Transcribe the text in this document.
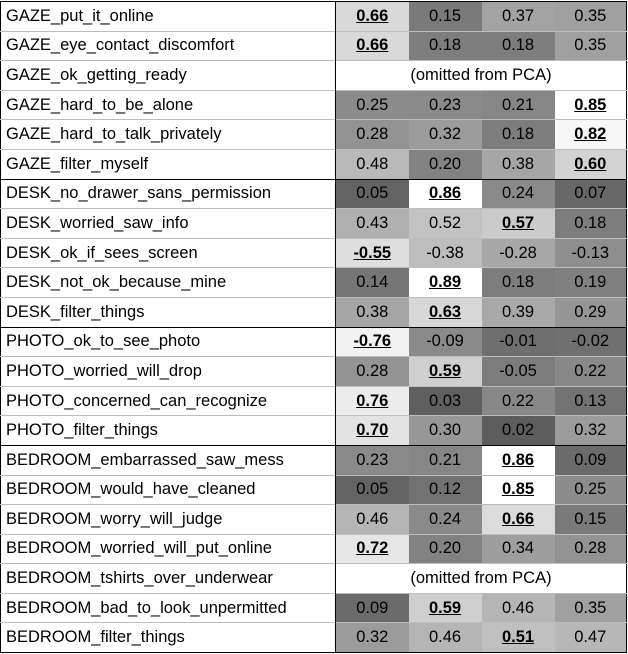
GAZE_put_it_online	0.66	0.15	0.37	0.35
GAZE_eye_contact_discomfort	0.66	0.18	0.18	0.35
GAZE_ok_getting_ready	(omitted from PCA)			
GAZE_hard_to_be_alone	0.25	0.23	0.21	0.85
GAZE_hard_to_talk_privately	0.28	0.32	0.18	0.82
GAZE_filter_myself	0.48	0.20	0.38	0.60
DESK_no_drawer_sans_permission	0.05	0.86	0.24	0.07
DESK_worried_saw_info	0.43	0.52	0.57	0.18
DESK_ok_if_sees_screen	-0.55	-0.38	-0.28	-0.13
DESK_not_ok_because_mine	0.14	0.89	0.18	0.19
DESK_filter_things	0.38	0.63	0.39	0.29
PHOTO_ok_to_see_photo	-0.76	-0.09	-0.01	-0.02
PHOTO_worried_will_drop	0.28	0.59	-0.05	0.22
PHOTO_concerned_can_recognize	0.76	0.03	0.22	0.13
PHOTO_filter_things	0.70	0.30	0.02	0.32
BEDROOM_embarrassed_saw_mess	0.23	0.21	0.86	0.09
BEDROOM_would_have_cleaned	0.05	0.12	0.85	0.25
BEDROOM_worry_will_judge	0.46	0.24	0.66	0.15
BEDROOM_worried_will_put_online	0.72	0.20	0.34	0.28
BEDROOM_tshirts_over_underwear	(omitted from PCA)			
BEDROOM_bad_to_look_unpermitted	0.09	0.59	0.46	0.35
BEDROOM_filter_things	0.32	0.46	0.51	0.47
